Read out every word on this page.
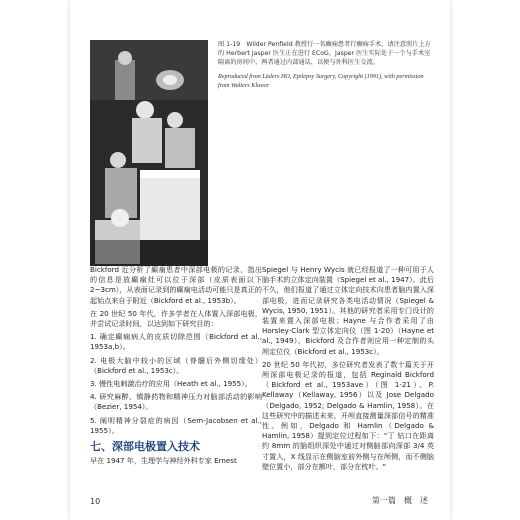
图 1-19　Wilder Penfield 教授行一名癫痫患者行癫痫手术，请注意照片上方的 Herbert Jasper 医生正在进行 ECoG。Jasper 医生实际处于一个与手术室隔离的房间中，两者通过内部通话，以便与外科医生交流。

Reproduced from Lüders HO, Epilepsy Surgery, Copyright (1991), with permission from Walters Kluwer

Bickford 近分析了癫痫患者中深部电极的记录，指出的信息是放癫痫灶可以位于深部（皮质表面以下2~3cm），从表面记录到的癫痫电活动可能只是真正的起始点来自于附近（Bickford et al., 1953b）。

在 20 世纪 50 年代，许多学者在人体置入深部电极，并尝试记录时间，以达到如下研究目的：

1. 确定癫痫病人的皮质切除范围（Bickford et al., 1953a,b）。

2. 电极大脑中较小的区域（脊髓后外侧切缘处）（Bickford et al., 1953c）。

3. 慢性电刺激治疗的应用（Heath et al., 1955）。

4. 研究麻醉、镇静药物和精神压力对脑部活动的影响（Bezier, 1954）。

5. 阐明精神分裂症的病因（Sem-Jacobsen et al., 1955）。

七、深部电极置入技术

早在 1947 年，生理学与神经外科专家 Ernest

Spiegel 与 Henry Wycis 就已经报道了一种可用于人脑手术的立体定向装置（Spiegel et al., 1947）。此后不久，他们报道了通过立体定向技术向患者脑内置入深部电极，进而记录研究各类电活动情况（Spiegel & Wycis, 1950, 1951）。其他的研究者采用专门设计的装置来置入深部电极；Hayne 与合作者采用了由 Horsley-Clark 型立体定向仪（图 1-20）（Hayne et al., 1949）。Bickford 及合作者则应用一种定制的头颅定位仪（Bickford et al., 1953c）。

20 世纪 50 年代初，多位研究者发表了数十篇关于开颅深部电极记录的报道，包括 Reginald Bickford（Bickford et al., 1953ave）（图 1-21）、P. Kellaway（Kellaway, 1956）以及 Jose Delgado（Delgado, 1952; Delgado & Hamlin, 1958）。在这些研究中的描述未来，开颅直接测量深部信号的精准性。例如，Delgado 和 Hamlin（Delgado & Hamlin, 1958）提到定位过程如下："丁 钻口在距离约 8mm 的脑组织深处中通过对侧脑部向深部 3/4 英寸置入，X 线显示在侧脑室前外侧与在颅侧，而不侧脑壁位置小，部分在额叶，部分在枕叶。"

10	第一篇　概　述
